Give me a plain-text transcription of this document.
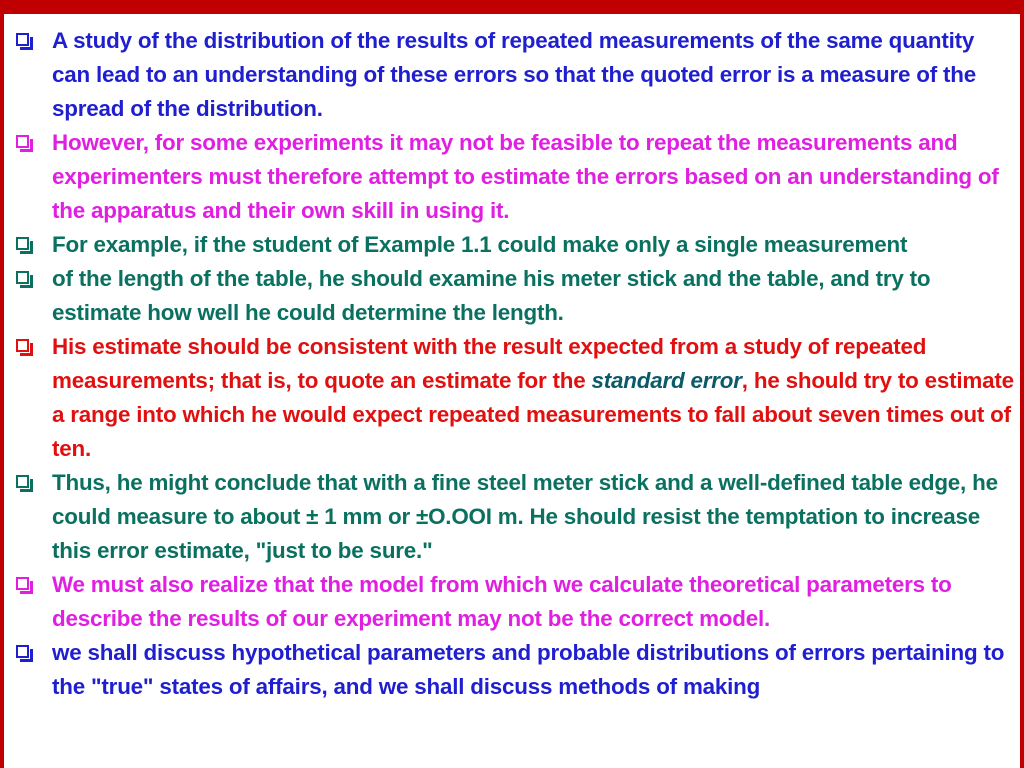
A study of the distribution of the results of repeated measurements of the same quantity can lead to an understanding of these errors so that the quoted error is a measure of the spread of the distribution.
However, for some experiments it may not be feasible to repeat the measurements and experimenters must therefore attempt to estimate the errors based on an understanding of the apparatus and their own skill in using it.
For example, if the student of Example 1.1 could make only a single measurement
of the length of the table, he should examine his meter stick and the table, and try to estimate how well he could determine the length.
His estimate should be consistent with the result expected from a study of repeated measurements; that is, to quote an estimate for the standard error, he should try to estimate a range into which he would expect repeated measurements to fall about seven times out of ten.
Thus, he might conclude that with a fine steel meter stick and a well-defined table edge, he could measure to about ± 1 mm or ±O.OOI m. He should resist the temptation to increase this error estimate, "just to be sure."
We must also realize that the model from which we calculate theoretical parameters to describe the results of our experiment may not be the correct model.
we shall discuss hypothetical parameters and probable distributions of errors pertaining to the "true" states of affairs, and we shall discuss methods of making
